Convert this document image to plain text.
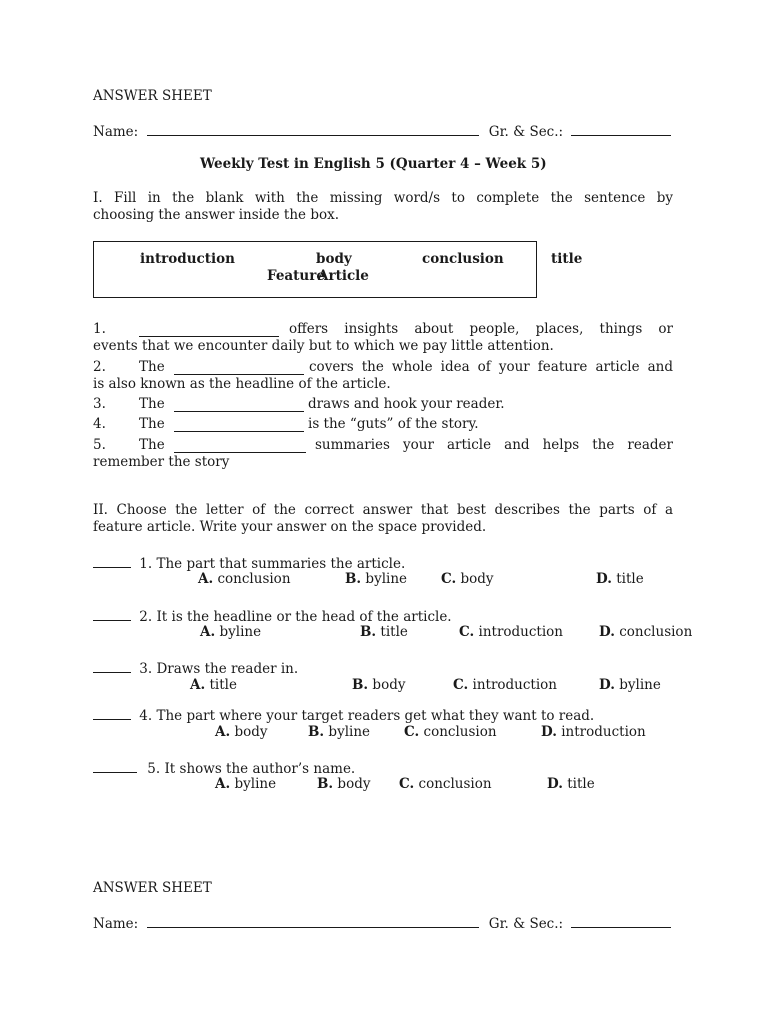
ANSWER SHEET
Name:	Gr. & Sec.:
Weekly Test in English 5 (Quarter 4 – Week 5)
I. Fill in the blank with the missing word/s to complete the sentence by
choosing the answer inside the box.
introduction	body	conclusion	title
Feature
Article
1.	offers insights about people, places, things or
events that we encounter daily but to which we pay little attention.
2. The	covers the whole idea of your feature article and
is also known as the headline of the article.
3. The	draws and hook your reader.
4. The	is the “guts” of the story.
5. The	summaries your article and helps the reader
remember the story
II. Choose the letter of the correct answer that best describes the parts of a
feature article. Write your answer on the space provided.
1. The part that summaries the article.
A. conclusion	B. byline	C. body	D. title
2. It is the headline or the head of the article.
A. byline	B. title	C. introduction	D. conclusion
3. Draws the reader in.
A. title	B. body	C. introduction	D. byline
4. The part where your target readers get what they want to read.
A. body	B. byline	C. conclusion	D. introduction
5. It shows the author’s name.
A. byline	B. body C. conclusion	D. title
ANSWER SHEET
Name:	Gr. & Sec.:
